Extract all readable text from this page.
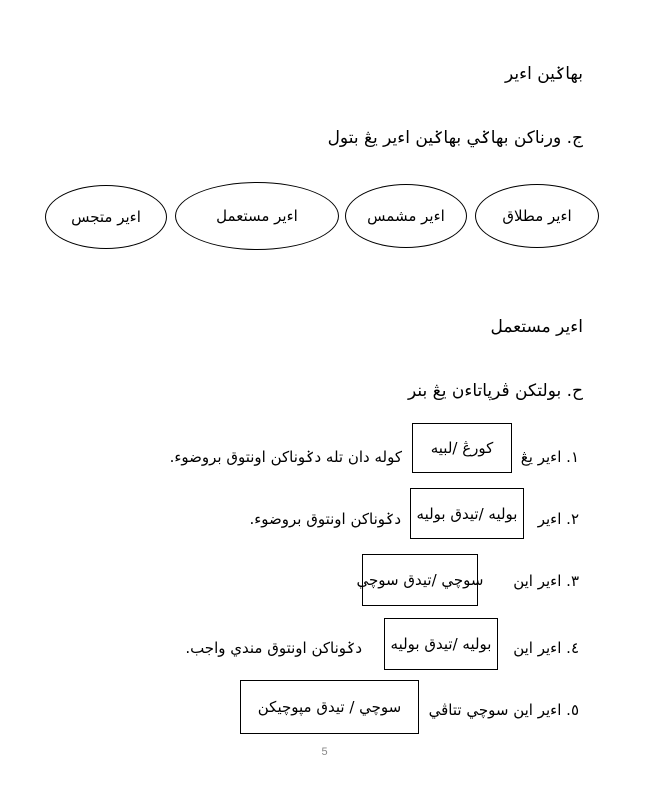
بهاݢين اءير
ج. ورناکن بهاݢي بهاݢين اءير يڠ بتول
اءير مطلاق
اءير مشمس
اءير مستعمل
اءير متجس
اءير مستعمل
ح. بولتکن ڤرڽاتاءن يڠ بنر
١. اءير يڠ
کورڠ /لبيه
کوله دان تله دݢوناکن اونتوق بروضوء.
٢. اءير
بوليه /تيدق بوليه
دݢوناکن اونتوق بروضوء.
٣. اءير اين
سوچي /تيدق سوچي
٤. اءير اين
بوليه /تيدق بوليه
دݢوناکن اونتوق مندي واجب.
٥. اءير اين سوچي تتاڤي
سوچي / تيدق مڽوچيکن
5
